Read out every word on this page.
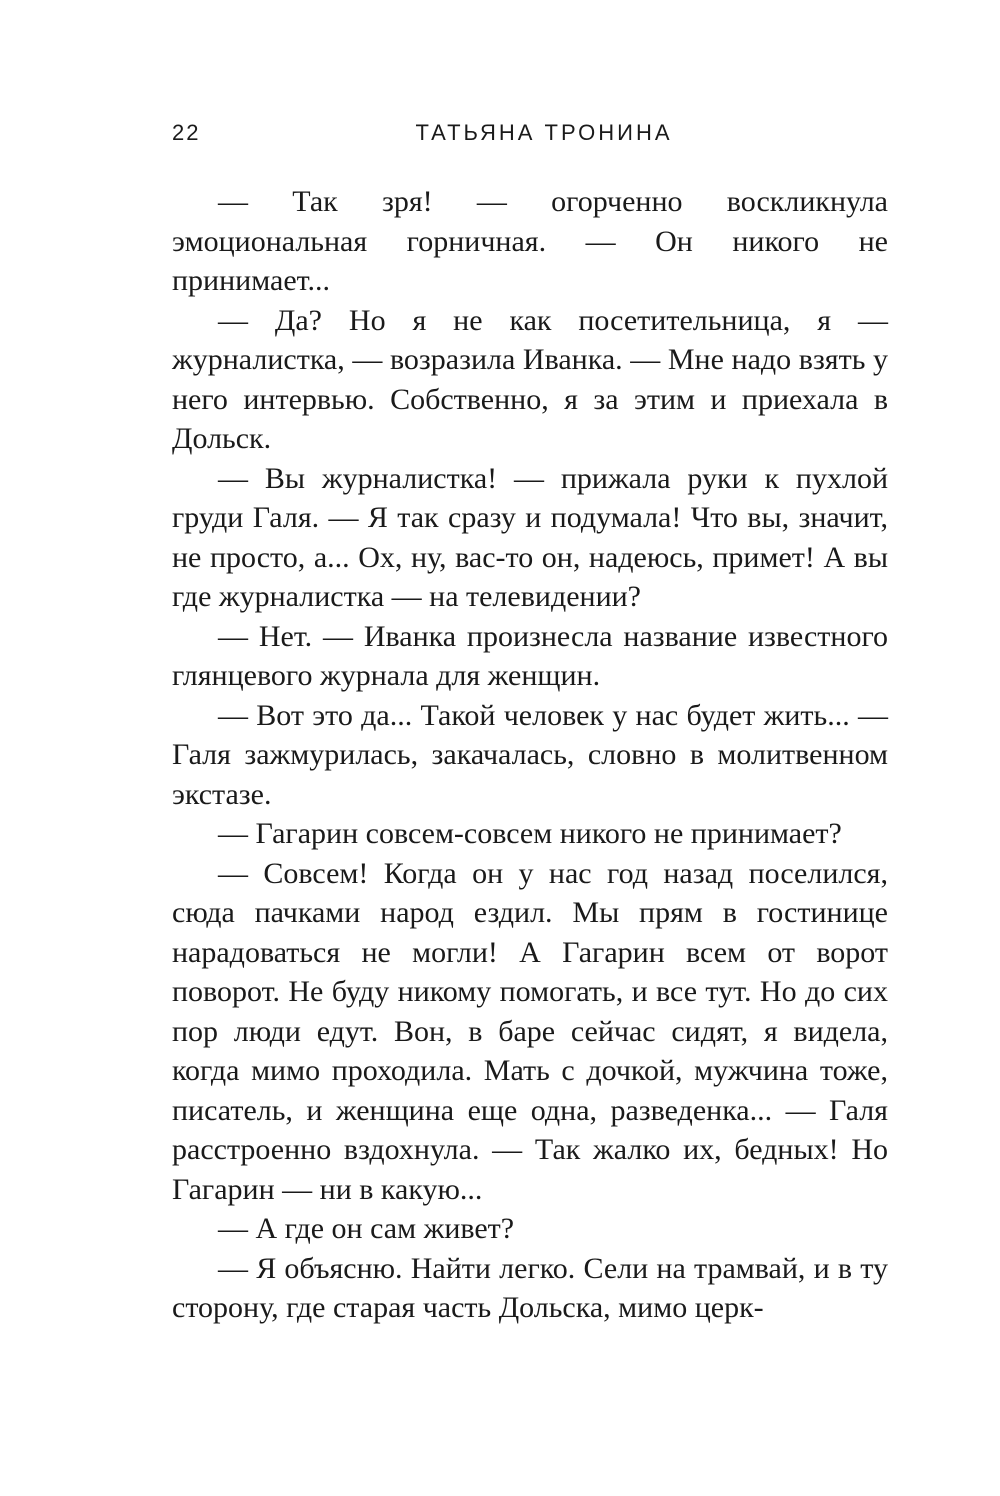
22	ТАТЬЯНА ТРОНИНА

— Так зря! — огорченно воскликнула эмоциональная горничная. — Он никого не принимает...

— Да? Но я не как посетительница, я — журналистка, — возразила Иванка. — Мне надо взять у него интервью. Собственно, я за этим и приехала в Дольск.

— Вы журналистка! — прижала руки к пухлой груди Галя. — Я так сразу и подумала! Что вы, значит, не просто, а... Ох, ну, вас-то он, надеюсь, примет! А вы где журналистка — на телевидении?

— Нет. — Иванка произнесла название известного глянцевого журнала для женщин.

— Вот это да... Такой человек у нас будет жить... — Галя зажмурилась, закачалась, словно в молитвенном экстазе.

— Гагарин совсем-совсем никого не принимает?

— Совсем! Когда он у нас год назад поселился, сюда пачками народ ездил. Мы прям в гостинице нарадоваться не могли! А Гагарин всем от ворот поворот. Не буду никому помогать, и все тут. Но до сих пор люди едут. Вон, в баре сейчас сидят, я видела, когда мимо проходила. Мать с дочкой, мужчина тоже, писатель, и женщина еще одна, разведенка... — Галя расстроенно вздохнула. — Так жалко их, бедных! Но Гагарин — ни в какую...

— А где он сам живет?

— Я объясню. Найти легко. Сели на трамвай, и в ту сторону, где старая часть Дольска, мимо церк-
